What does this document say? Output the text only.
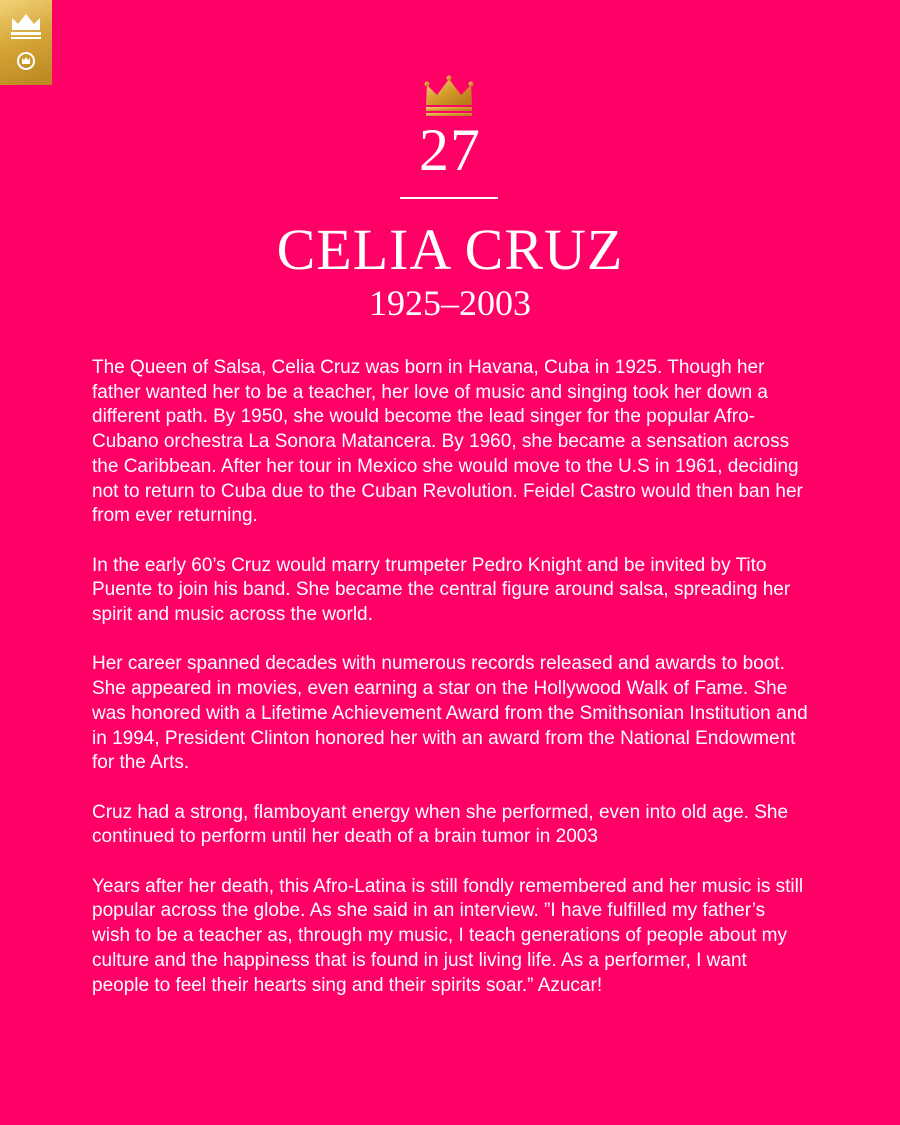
27
CELIA CRUZ
1925–2003

The Queen of Salsa, Celia Cruz was born in Havana, Cuba in 1925. Though her father wanted her to be a teacher, her love of music and singing took her down a different path. By 1950, she would become the lead singer for the popular Afro-Cubano orchestra La Sonora Matancera. By 1960, she became a sensation across the Caribbean. After her tour in Mexico she would move to the U.S in 1961, deciding not to return to Cuba due to the Cuban Revolution. Feidel Castro would then ban her from ever returning.

In the early 60’s Cruz would marry trumpeter Pedro Knight and be invited by Tito Puente to join his band. She became the central figure around salsa, spreading her spirit and music across the world.

Her career spanned decades with numerous records released and awards to boot. She appeared in movies, even earning a star on the Hollywood Walk of Fame. She was honored with a Lifetime Achievement Award from the Smithsonian Institution and in 1994, President Clinton honored her with an award from the National Endowment for the Arts.

Cruz had a strong, flamboyant energy when she performed, even into old age. She continued to perform until her death of a brain tumor in 2003

Years after her death, this Afro-Latina is still fondly remembered and her music is still popular across the globe. As she said in an interview. ”I have fulfilled my father’s wish to be a teacher as, through my music, I teach generations of people about my culture and the happiness that is found in just living life. As a performer, I want people to feel their hearts sing and their spirits soar.” Azucar!
